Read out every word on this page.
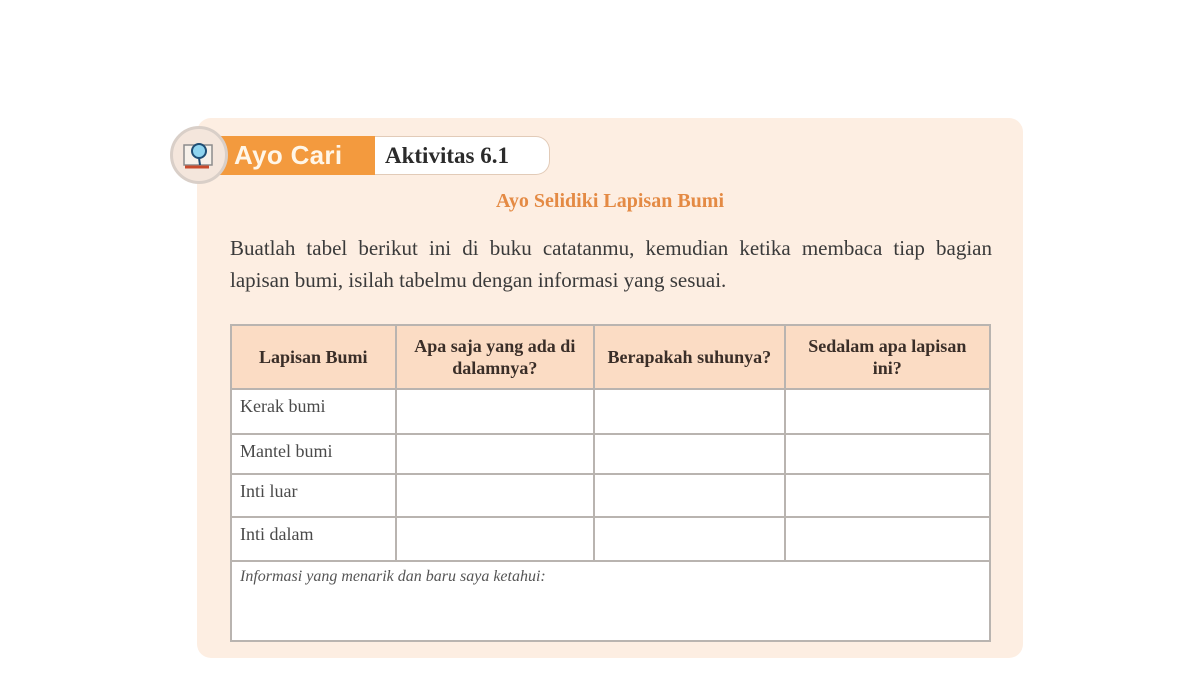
Ayo Cari Aktivitas 6.1
Ayo Selidiki Lapisan Bumi
Buatlah tabel berikut ini di buku catatanmu, kemudian ketika membaca tiap bagian lapisan bumi, isilah tabelmu dengan informasi yang sesuai.
Lapisan Bumi	Apa saja yang ada di dalamnya?	Berapakah suhunya?	Sedalam apa lapisan ini?
Kerak bumi			
Mantel bumi			
Inti luar			
Inti dalam			
Informasi yang menarik dan baru saya ketahui:			
